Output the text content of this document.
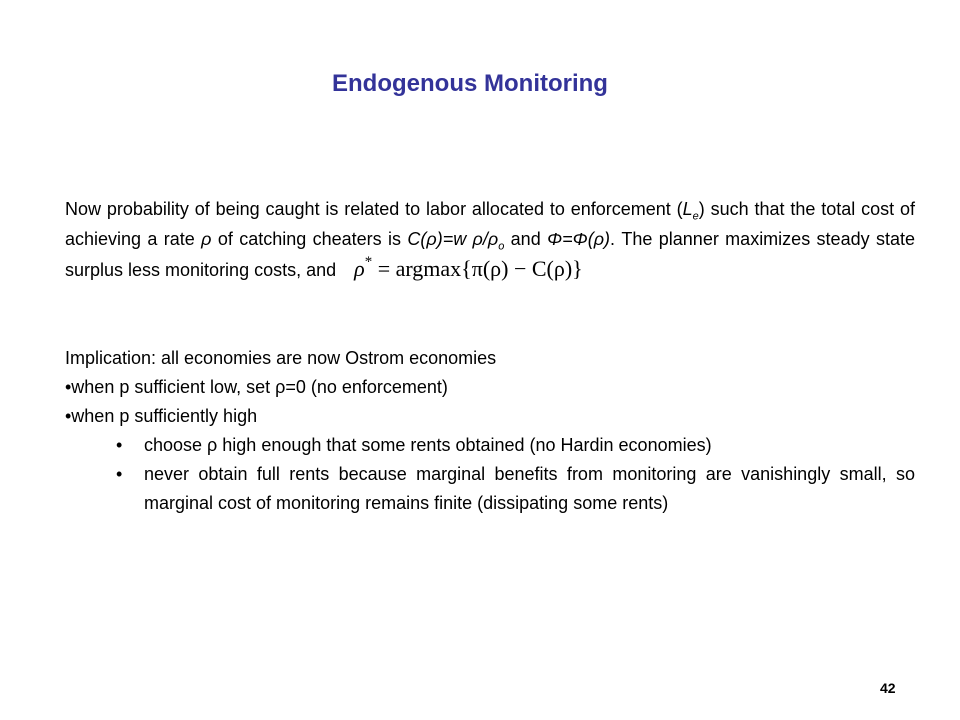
Endogenous Monitoring
Now probability of being caught is related to labor allocated to enforcement $(L_e)$ such that the total cost of achieving a rate ρ of catching cheaters is C(ρ)=w $\rho/\rho_o$ and Φ=Φ(ρ). The planner maximizes steady state surplus less monitoring costs, and ρ* = argmax{π(ρ) − C(ρ)}
Implication: all economies are now Ostrom economies
•when p sufficient low, set ρ=0 (no enforcement)
•when p sufficiently high
• choose ρ high enough that some rents obtained (no Hardin economies)
• never obtain full rents because marginal benefits from monitoring are vanishingly small, so marginal cost of monitoring remains finite (dissipating some rents)
42
